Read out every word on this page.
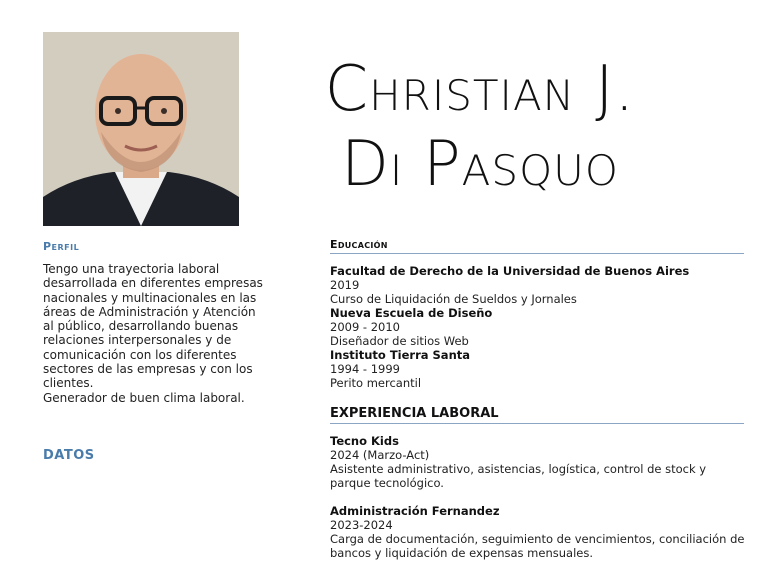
Christian J.
Di Pasquo
Perfil
Tengo una trayectoria laboral desarrollada en diferentes empresas nacionales y multinacionales en las áreas de Administración y Atención al público, desarrollando buenas relaciones interpersonales y de comunicación con los diferentes sectores de las empresas y con los clientes.
Generador de buen clima laboral.
DATOS
Educación
Facultad de Derecho de la Universidad de Buenos Aires
2019
Curso de Liquidación de Sueldos y Jornales
Nueva Escuela de Diseño
2009 - 2010
Diseñador de sitios Web
Instituto Tierra Santa
1994 - 1999
Perito mercantil
EXPERIENCIA LABORAL
Tecno Kids
2024 (Marzo-Act)
Asistente administrativo, asistencias, logística, control de stock y parque tecnológico.
Administración Fernandez
2023-2024
Carga de documentación, seguimiento de vencimientos, conciliación de bancos y liquidación de expensas mensuales.
